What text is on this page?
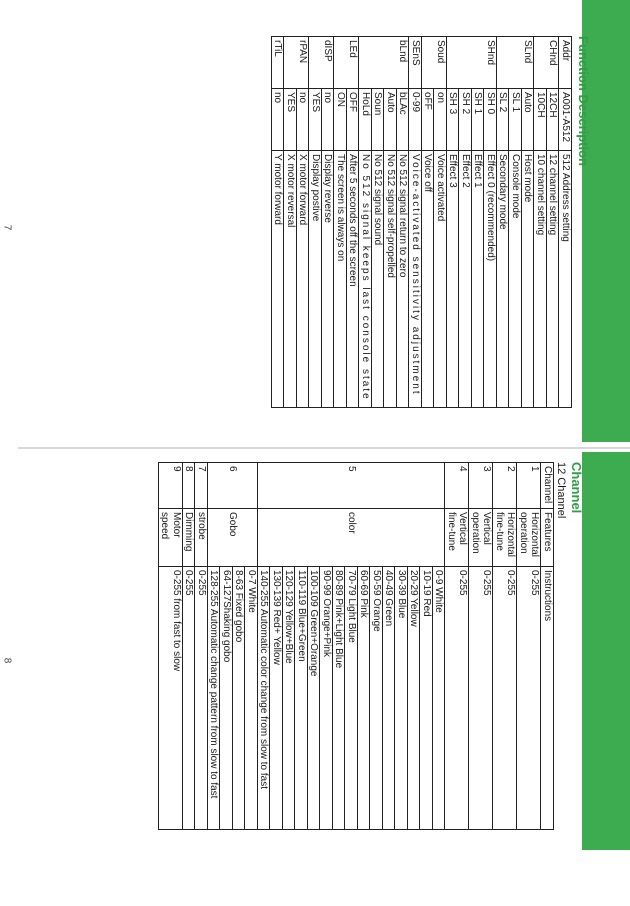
7
8
Function Description
Addr	A001-A512	512 Address setting
CHnd	12CH	12 channel setting
	10CH	10 channel setting
SLnd	Auto	Host mode
	SL 1	Console mode
	SL 2	Secondary mode
SHnd	SH 0	Effect 0 (recommended)
	SH 1	Effect 1
	SH 2	Effect 2
	SH 3	Effect 3
Soud	on	Voice activated
	oFF	Voice off
SEnS	0-99	Voice-activated sensitivity adjustment
bLnd	bLAc	No 512 signal return to zero
	Auto	No 512 signal self-propelled
	Soun	No 512 signal sound
	HoLd	No 512 signal keeps last console state
LEd	OFF	After 5 seconds off the screen
	ON	The screen is always on
dISP	no	Display reverse
	YES	Display postive
rPAN	no	X motor forward
	YES	X motor reversal
rTiL	no	Y motor forward
Channel
12 Channel
Channel	Features	Instructions
1	Horizontal operation	0-255
2	Horizontal fine-tune	0-255
3	Vertical operation	0-255
4	Vertical fine-tune	0-255
5	color	0-9 White
		10-19 Red
		20-29 Yellow
		30-39 Blue
		40-49 Green
		50-59 Orange
		60-69 Pink
		70-79 Light Blue
		80-89 Pink+Light Blue
		90-99 Orange+Pink
		100-109 Green+Orange
		110-119 Blue+Green
		120-129 Yellow+Blue
		130-139 Red+ Yellow
		140-255 Automatic color change from slow to fast
6	Gobo	0-7 White
		8-63 Fixed gobo
		64-127Shaking gobo
		128-255 Automatic change pattern from slow to fast
7	strobe	0-255
8	Dimming	0-255
9	Motor speed	0-255 from fast to slow
